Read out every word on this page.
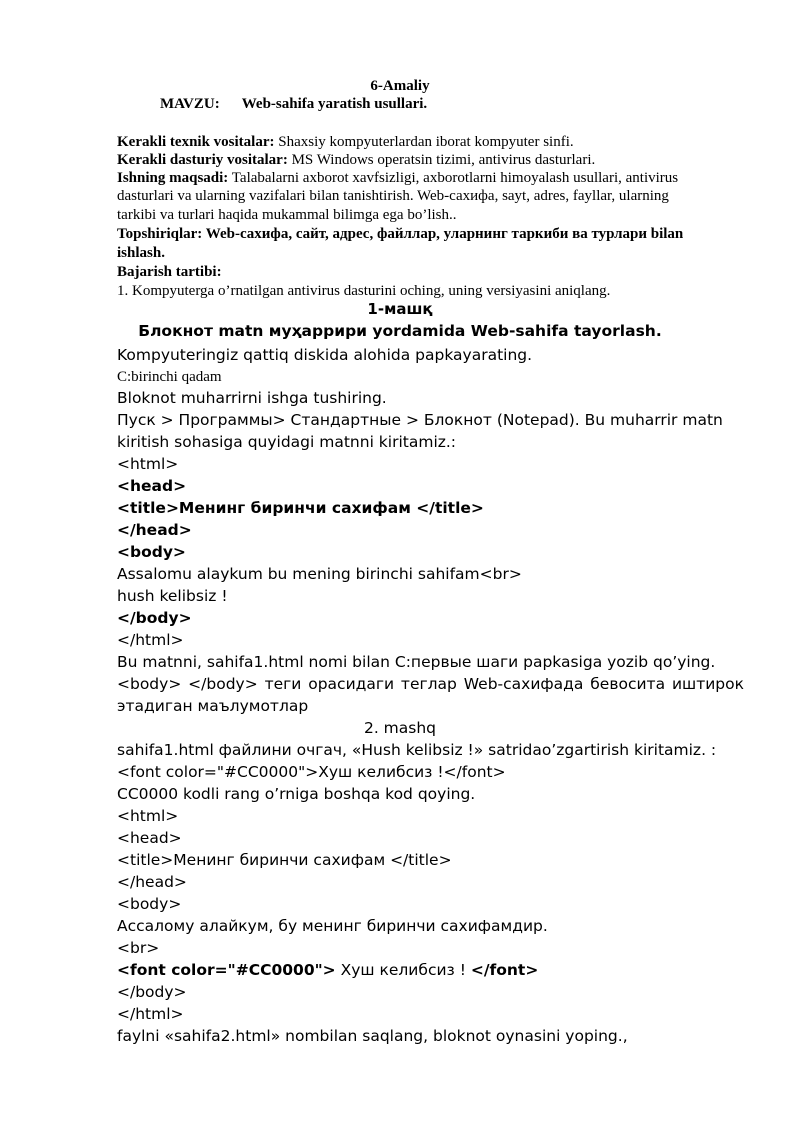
6-Amaliy
MAVZU: Web-sahifa yaratish usullari.
Kerakli texnik vositalar: Shaxsiy kompyuterlardan iborat kompyuter sinfi.
Kerakli dasturiy vositalar: MS Windows operatsin tizimi, antivirus dasturlari.
Ishning maqsadi: Talabalarni axborot xavfsizligi, axborotlarni himoyalash usullari, antivirus
dasturlari va ularning vazifalari bilan tanishtirish. Web-сахифа, sayt, adres, fayllar, ularning
tarkibi va turlari haqida mukammal bilimga ega bo’lish..
Topshiriqlar: Web-сахифа, сайт, адрес, файллар, уларнинг таркиби ва турлари bilan
ishlash.
Bajarish tartibi:
1. Kompyuterga o’rnatilgan antivirus dasturini oching, uning versiyasini aniqlang.
1-машқ
Блокнот matn муҳаррири yordamida Web-sahifa tayorlash.
Kompyuteringiz qattiq diskida alohida papkayarating.
C:birinchi qadam
Bloknot muharrirni ishga tushiring.
Пуск > Программы> Стандартные > Блокнот (Notepad). Bu muharrir matn
kiritish sohasiga quyidagi matnni kiritamiz.:
<html>
<head>
<title>Менинг биринчи сахифам </title>
</head>
<body>
Assalomu alaykum bu mening birinchi sahifam<br>
hush kelibsiz !
</body>
</html>
Bu matnni, sahifa1.html nomi bilan C:первые шаги papkasiga yozib qo’ying.
<body> </body> теги орасидаги теглар Web-сахифада бевосита иштирок
этадиган маълумотлар
2. mashq
sahifa1.html файлини очгач, «Hush kelibsiz !» satridao’zgartirish kiritamiz. :
<font color="#CC0000">Хуш келибсиз !</font>
CC0000 kodli rang o’rniga boshqa kod qoying.
<html>
<head>
<title>Менинг биринчи сахифам </title>
</head>
<body>
Ассалому алайкум, бу менинг биринчи сахифамдир.
<br>
<font color="#CC0000"> Хуш келибсиз ! </font>
</body>
</html>
faylni «sahifa2.html» nombilan saqlang, bloknot oynasini yoping.,
